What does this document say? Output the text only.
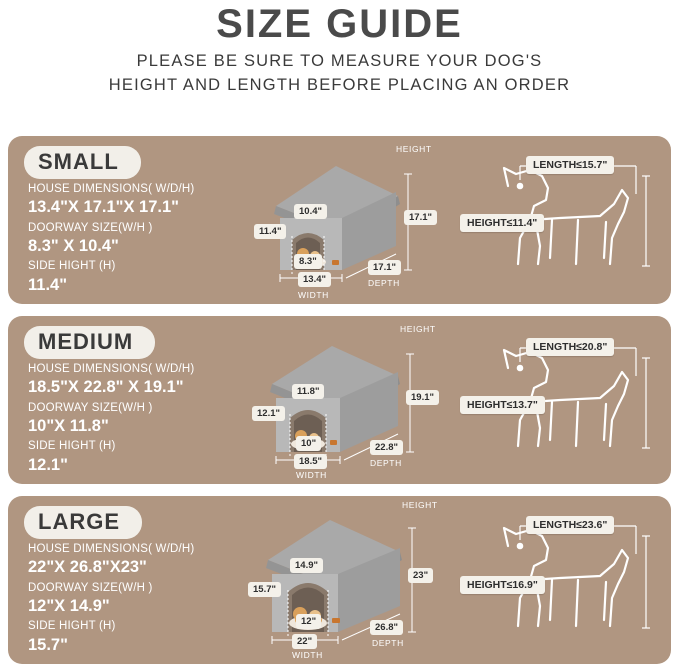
SIZE GUIDE
PLEASE BE SURE TO MEASURE YOUR DOG'S
HEIGHT AND LENGTH BEFORE PLACING AN ORDER
SMALL
HOUSE DIMENSIONS( W/D/H)
13.4"X 17.1"X 17.1"
DOORWAY SIZE(W/H )
8.3" X 10.4"
SIDE HIGHT (H)
11.4"
HEIGHT
17.1"
17.1"
DEPTH
13.4"
WIDTH
10.4"
11.4"
8.3"
LENGTH≤15.7"
HEIGHT≤11.4"
MEDIUM
HOUSE DIMENSIONS( W/D/H)
18.5"X 22.8" X 19.1"
DOORWAY SIZE(W/H )
10"X 11.8"
SIDE HIGHT (H)
12.1"
HEIGHT
19.1"
22.8"
DEPTH
18.5"
WIDTH
11.8"
12.1"
10"
LENGTH≤20.8"
HEIGHT≤13.7"
LARGE
HOUSE DIMENSIONS( W/D/H)
22"X 26.8"X23"
DOORWAY SIZE(W/H )
12"X 14.9"
SIDE HIGHT (H)
15.7"
HEIGHT
23"
26.8"
DEPTH
22"
WIDTH
14.9"
15.7"
12"
LENGTH≤23.6"
HEIGHT≤16.9"
